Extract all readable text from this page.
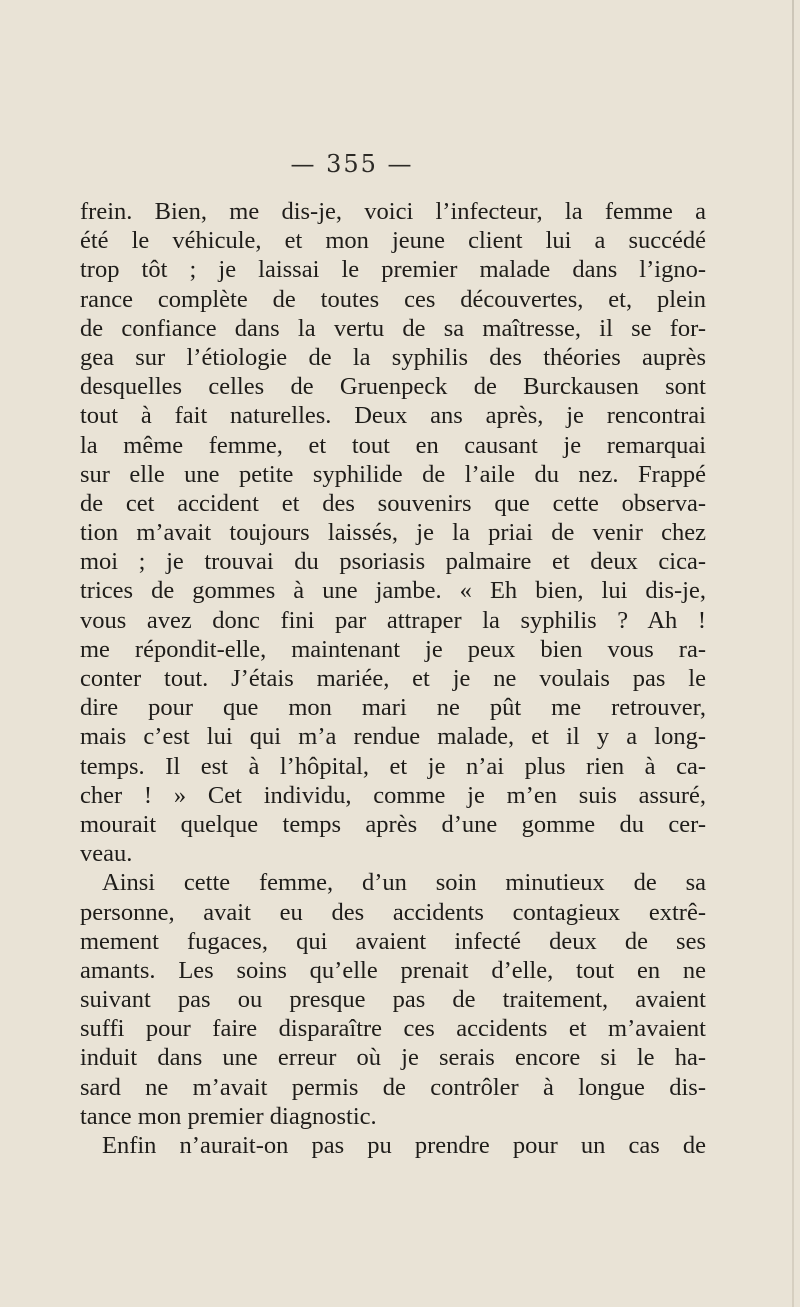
— 355 —

frein. Bien, me dis-je, voici l’infecteur, la femme a
été le véhicule, et mon jeune client lui a succédé
trop tôt ; je laissai le premier malade dans l’igno-
rance complète de toutes ces découvertes, et, plein
de confiance dans la vertu de sa maîtresse, il se for-
gea sur l’étiologie de la syphilis des théories auprès
desquelles celles de Gruenpeck de Burckausen sont
tout à fait naturelles. Deux ans après, je rencontrai
la même femme, et tout en causant je remarquai
sur elle une petite syphilide de l’aile du nez. Frappé
de cet accident et des souvenirs que cette observa-
tion m’avait toujours laissés, je la priai de venir chez
moi ; je trouvai du psoriasis palmaire et deux cica-
trices de gommes à une jambe. « Eh bien, lui dis-je,
vous avez donc fini par attraper la syphilis ? Ah !
me répondit-elle, maintenant je peux bien vous ra-
conter tout. J’étais mariée, et je ne voulais pas le
dire pour que mon mari ne pût me retrouver,
mais c’est lui qui m’a rendue malade, et il y a long-
temps. Il est à l’hôpital, et je n’ai plus rien à ca-
cher ! » Cet individu, comme je m’en suis assuré,
mourait quelque temps après d’une gomme du cer-
veau.
Ainsi cette femme, d’un soin minutieux de sa
personne, avait eu des accidents contagieux extrê-
mement fugaces, qui avaient infecté deux de ses
amants. Les soins qu’elle prenait d’elle, tout en ne
suivant pas ou presque pas de traitement, avaient
suffi pour faire disparaître ces accidents et m’avaient
induit dans une erreur où je serais encore si le ha-
sard ne m’avait permis de contrôler à longue dis-
tance mon premier diagnostic.
Enfin n’aurait-on pas pu prendre pour un cas de
